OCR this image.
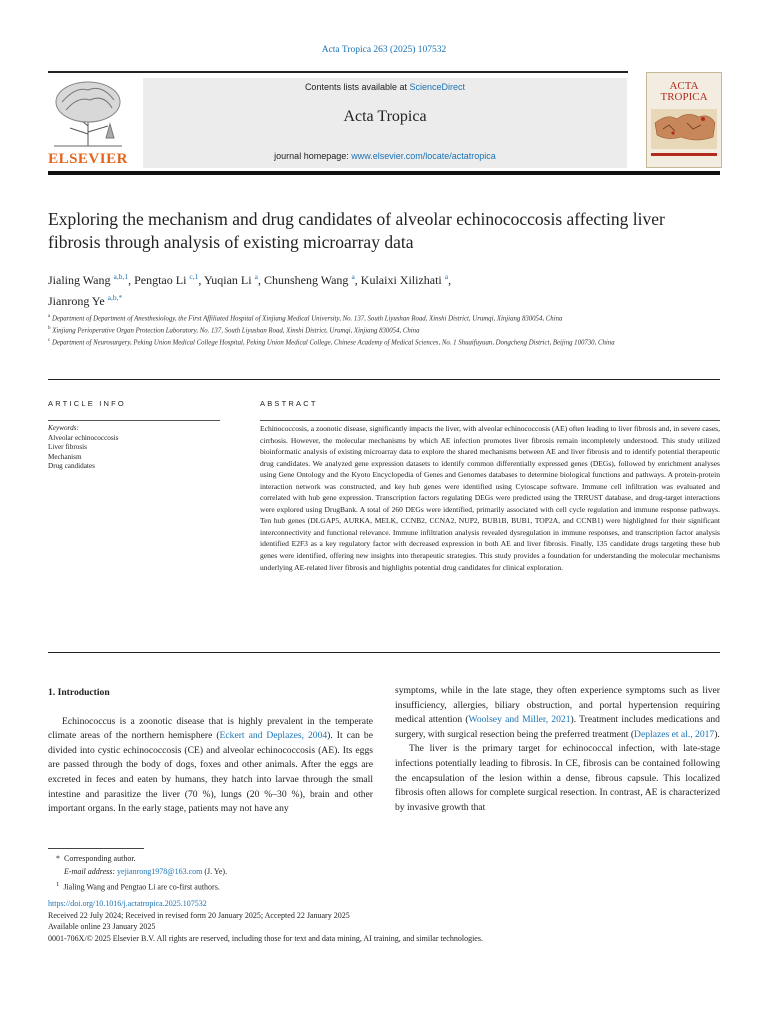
Acta Tropica 263 (2025) 107532
ELSEVIER
Contents lists available at ScienceDirect
Acta Tropica
journal homepage: www.elsevier.com/locate/actatropica
ACTA
TROPICA
Exploring the mechanism and drug candidates of alveolar echinococcosis affecting liver fibrosis through analysis of existing microarray data
Jialing Wang $^{a,b,1}$, Pengtao Li $^{c,1}$, Yuqian Li $^a$, Chunsheng Wang $^a$, Kulaixi Xilizhati $^a$,
Jianrong Ye $^{a,b,*}$

$^a$ Department of Department of Anesthesiology, the First Affiliated Hospital of Xinjiang Medical University, No. 137, South Liyushan Road, Xinshi District, Urumqi, Xinjiang 830054, China

$^b$ Xinjiang Perioperative Organ Protection Laboratory, No. 137, South Liyushan Road, Xinshi District, Urumqi, Xinjiang 830054, China

$^c$ Department of Neurosurgery, Peking Union Medical College Hospital, Peking Union Medical College, Chinese Academy of Medical Sciences, No. 1 Shuaifuyuan, Dongcheng District, Beijing 100730, China

ARTICLE INFO
Keywords:
Alveolar echinococcosis
Liver fibrosis
Mechanism
Drug candidates
ABSTRACT
Echinococcosis, a zoonotic disease, significantly impacts the liver, with alveolar echinococcosis (AE) often leading to liver fibrosis and, in severe cases, cirrhosis. However, the molecular mechanisms by which AE infection promotes liver fibrosis remain incompletely understood. This study utilized bioinformatic analysis of existing microarray data to explore the shared mechanisms between AE and liver fibrosis and to identify potential therapeutic drug candidates. We analyzed gene expression datasets to identify common differentially expressed genes (DEGs), followed by enrichment analyses using Gene Ontology and the Kyoto Encyclopedia of Genes and Genomes databases to determine biological functions and pathways. A protein-protein interaction network was constructed, and key hub genes were identified using Cytoscape software. Immune cell infiltration was evaluated and correlated with hub gene expression. Transcription factors regulating DEGs were predicted using the TRRUST database, and drug-target interactions were explored using DrugBank. A total of 260 DEGs were identified, primarily associated with cell cycle regulation and immune response pathways. Ten hub genes (DLGAP5, AURKA, MELK, CCNB2, CCNA2, NUP2, BUB1B, BUB1, TOP2A, and CCNB1) were highlighted for their significant interconnectivity and functional relevance. Immune infiltration analysis revealed dysregulation in immune responses, and transcription factor analysis identified E2F3 as a key regulatory factor with decreased expression in both AE and liver fibrosis. Finally, 135 candidate drugs targeting these hub genes were identified, offering new insights into therapeutic strategies. This study provides a foundation for understanding the molecular mechanisms underlying AE-related liver fibrosis and highlights potential drug candidates for clinical exploration.

1. Introduction

Echinococcus is a zoonotic disease that is highly prevalent in the temperate climate areas of the northern hemisphere (Eckert and Deplazes, 2004). It can be divided into cystic echinococcosis (CE) and alveolar echinococcosis (AE). Its eggs are passed through the body of dogs, foxes and other animals. After the eggs are excreted in feces and eaten by humans, they hatch into larvae through the small intestine and parasitize the liver (70 %), lungs (20 %–30 %), brain and other important organs. In the early stage, patients may not have any

symptoms, while in the late stage, they often experience symptoms such as liver insufficiency, allergies, biliary obstruction, and portal hypertension requiring medical attention (Woolsey and Miller, 2021). Treatment includes medications and surgery, with surgical resection being the preferred treatment (Deplazes et al., 2017).

The liver is the primary target for echinococcal infection, with late-stage infections potentially leading to fibrosis. In CE, fibrosis can be contained following the encapsulation of the lesion within a dense, fibrous capsule. This localized fibrosis often allows for complete surgical resection. In contrast, AE is characterized by invasive growth that

* Corresponding author.

E-mail address: yejianrong1978@163.com (J. Ye).

$^1$ Jialing Wang and Pengtao Li are co-first authors.

https://doi.org/10.1016/j.actatropica.2025.107532

Received 22 July 2024; Received in revised form 20 January 2025; Accepted 22 January 2025

Available online 23 January 2025

0001-706X/© 2025 Elsevier B.V. All rights are reserved, including those for text and data mining, AI training, and similar technologies.
